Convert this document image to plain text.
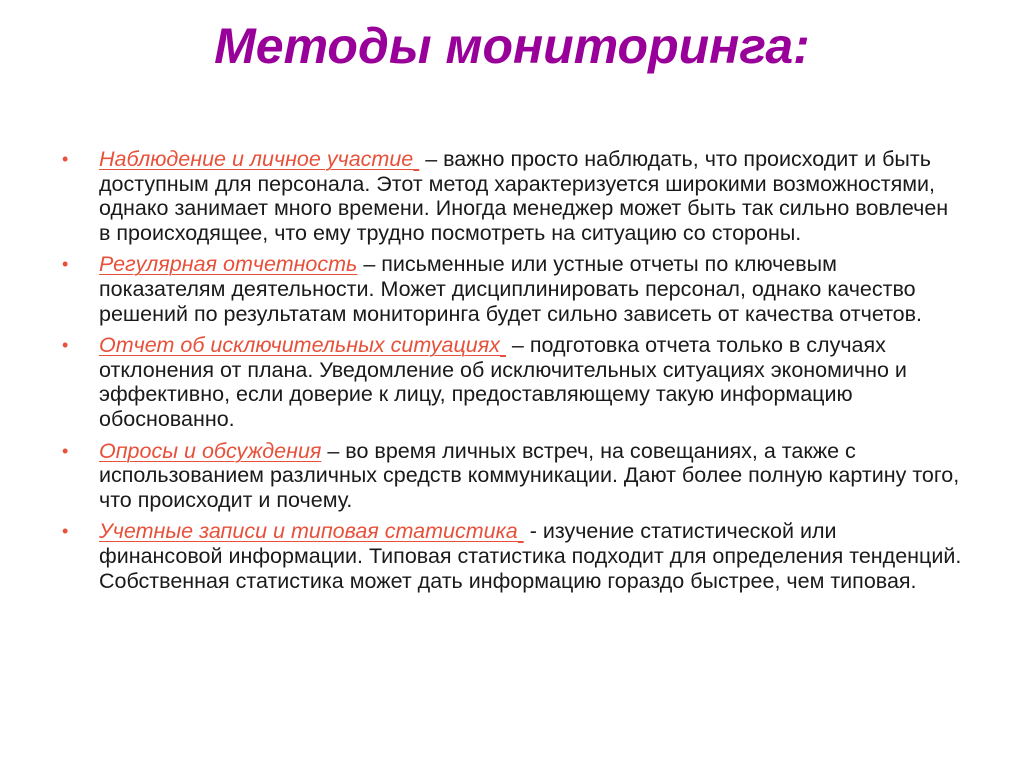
Методы мониторинга:
• Наблюдение и личное участие  – важно просто наблюдать, что происходит и быть доступным для персонала. Этот метод характеризуется широкими возможностями, однако занимает много времени. Иногда менеджер может быть так сильно вовлечен в происходящее, что ему трудно посмотреть на ситуацию со стороны.
• Регулярная отчетность – письменные или устные отчеты по ключевым показателям деятельности. Может дисциплинировать персонал, однако качество решений по результатам мониторинга будет сильно зависеть от качества отчетов.
• Отчет об исключительных ситуациях  – подготовка отчета только в случаях отклонения от плана. Уведомление об исключительных ситуациях экономично и эффективно, если доверие к лицу, предоставляющему такую информацию обоснованно.
• Опросы и обсуждения – во время личных встреч, на совещаниях, а также с использованием различных средств коммуникации. Дают более полную картину того, что происходит и почему.
• Учетные записи и типовая статистика  - изучение статистической или финансовой информации. Типовая статистика подходит для определения тенденций. Собственная статистика может дать информацию гораздо быстрее, чем типовая.
